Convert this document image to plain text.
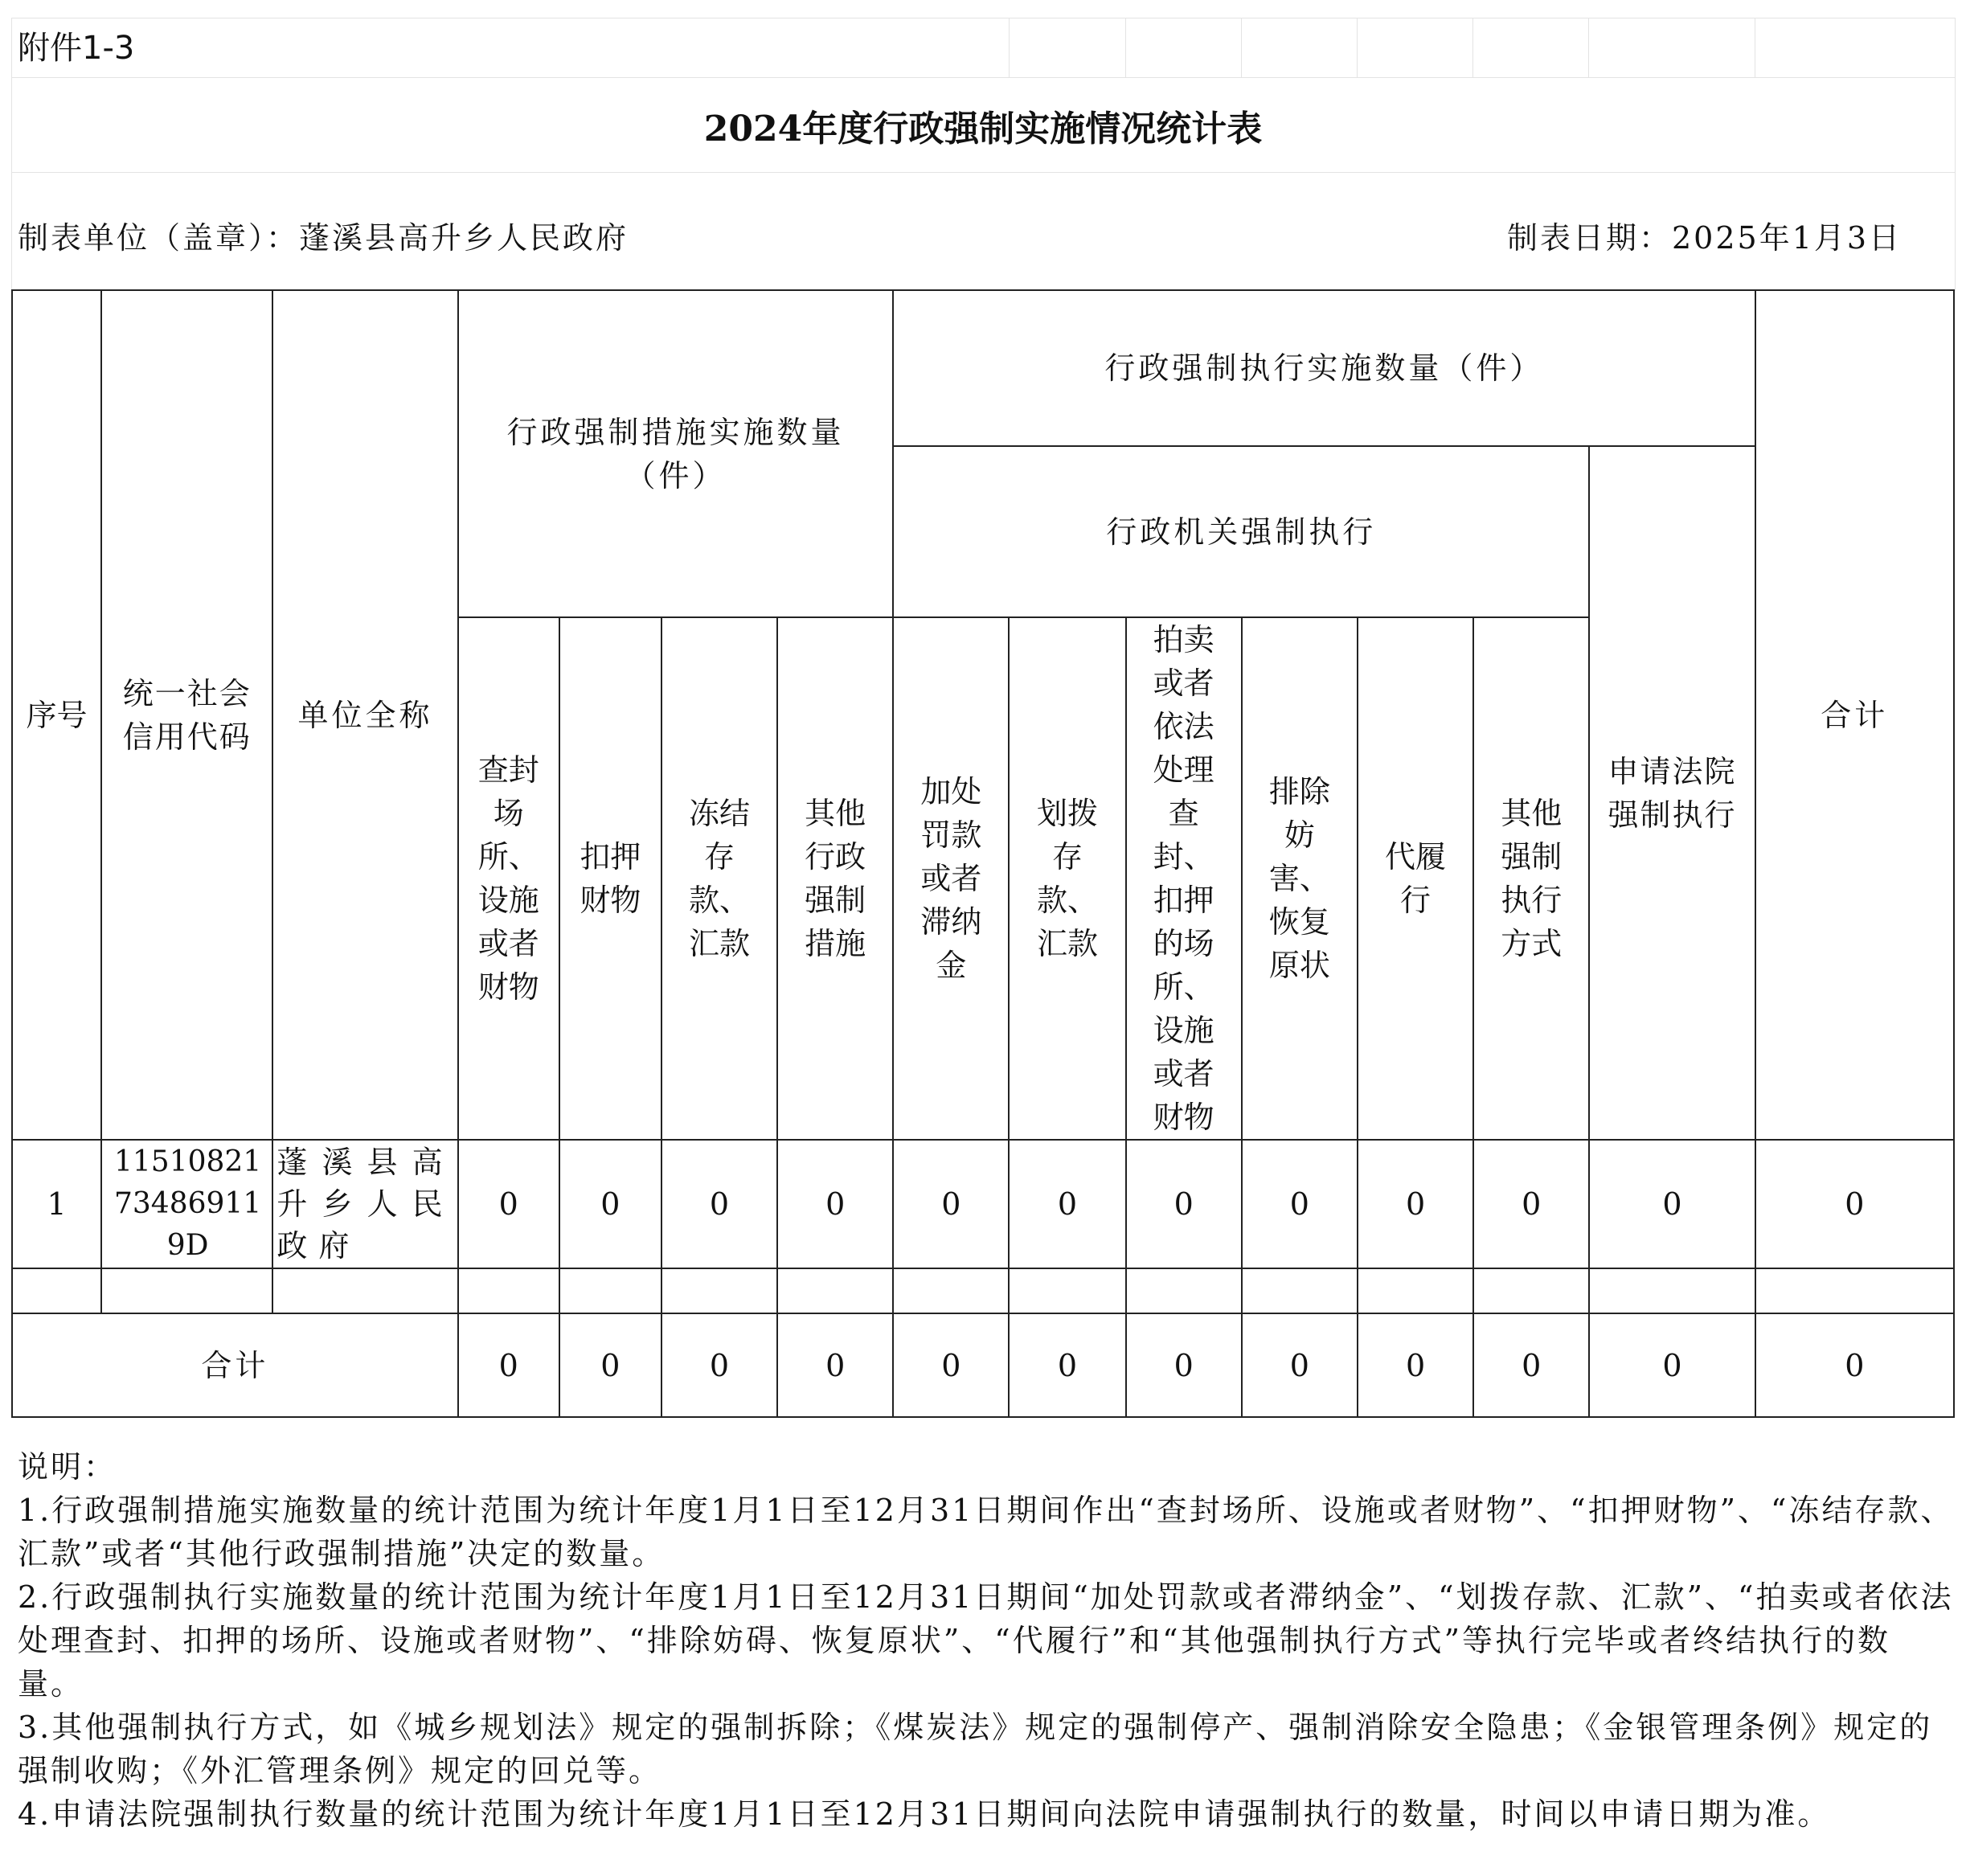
附件1-3
2024年度行政强制实施情况统计表
制表单位（盖章）：蓬溪县高升乡人民政府	制表日期：2025年1月3日
序号	统一社会信用代码	单位全称	行政强制措施实施数量（件）				行政强制执行实施数量（件）							合计
							行政机关强制执行						申请法院强制执行	
			查封场所、设施或者财物	扣押财物	冻结存款、汇款	其他行政强制措施	加处罚款或者滞纳金	划拨存款、汇款	拍卖或者依法处理查封、扣押的场所、设施或者财物	排除妨害、恢复原状	代履行	其他强制执行方式		
1	11510821734869119D	蓬溪县高升乡人民政府	0	0	0	0	0	0	0	0	0	0	0	0

合计			0	0	0	0	0	0	0	0	0	0	0	0

说明：

1.行政强制措施实施数量的统计范围为统计年度1月1日至12月31日期间作出“查封场所、设施或者财物”、“扣押财物”、“冻结存款、汇款”或者“其他行政强制措施”决定的数量。

2.行政强制执行实施数量的统计范围为统计年度1月1日至12月31日期间“加处罚款或者滞纳金”、“划拨存款、汇款”、“拍卖或者依法处理查封、扣押的场所、设施或者财物”、“排除妨碍、恢复原状”、“代履行”和“其他强制执行方式”等执行完毕或者终结执行的数量。

3.其他强制执行方式，如《城乡规划法》规定的强制拆除；《煤炭法》规定的强制停产、强制消除安全隐患；《金银管理条例》规定的强制收购；《外汇管理条例》规定的回兑等。

4.申请法院强制执行数量的统计范围为统计年度1月1日至12月31日期间向法院申请强制执行的数量，时间以申请日期为准。
